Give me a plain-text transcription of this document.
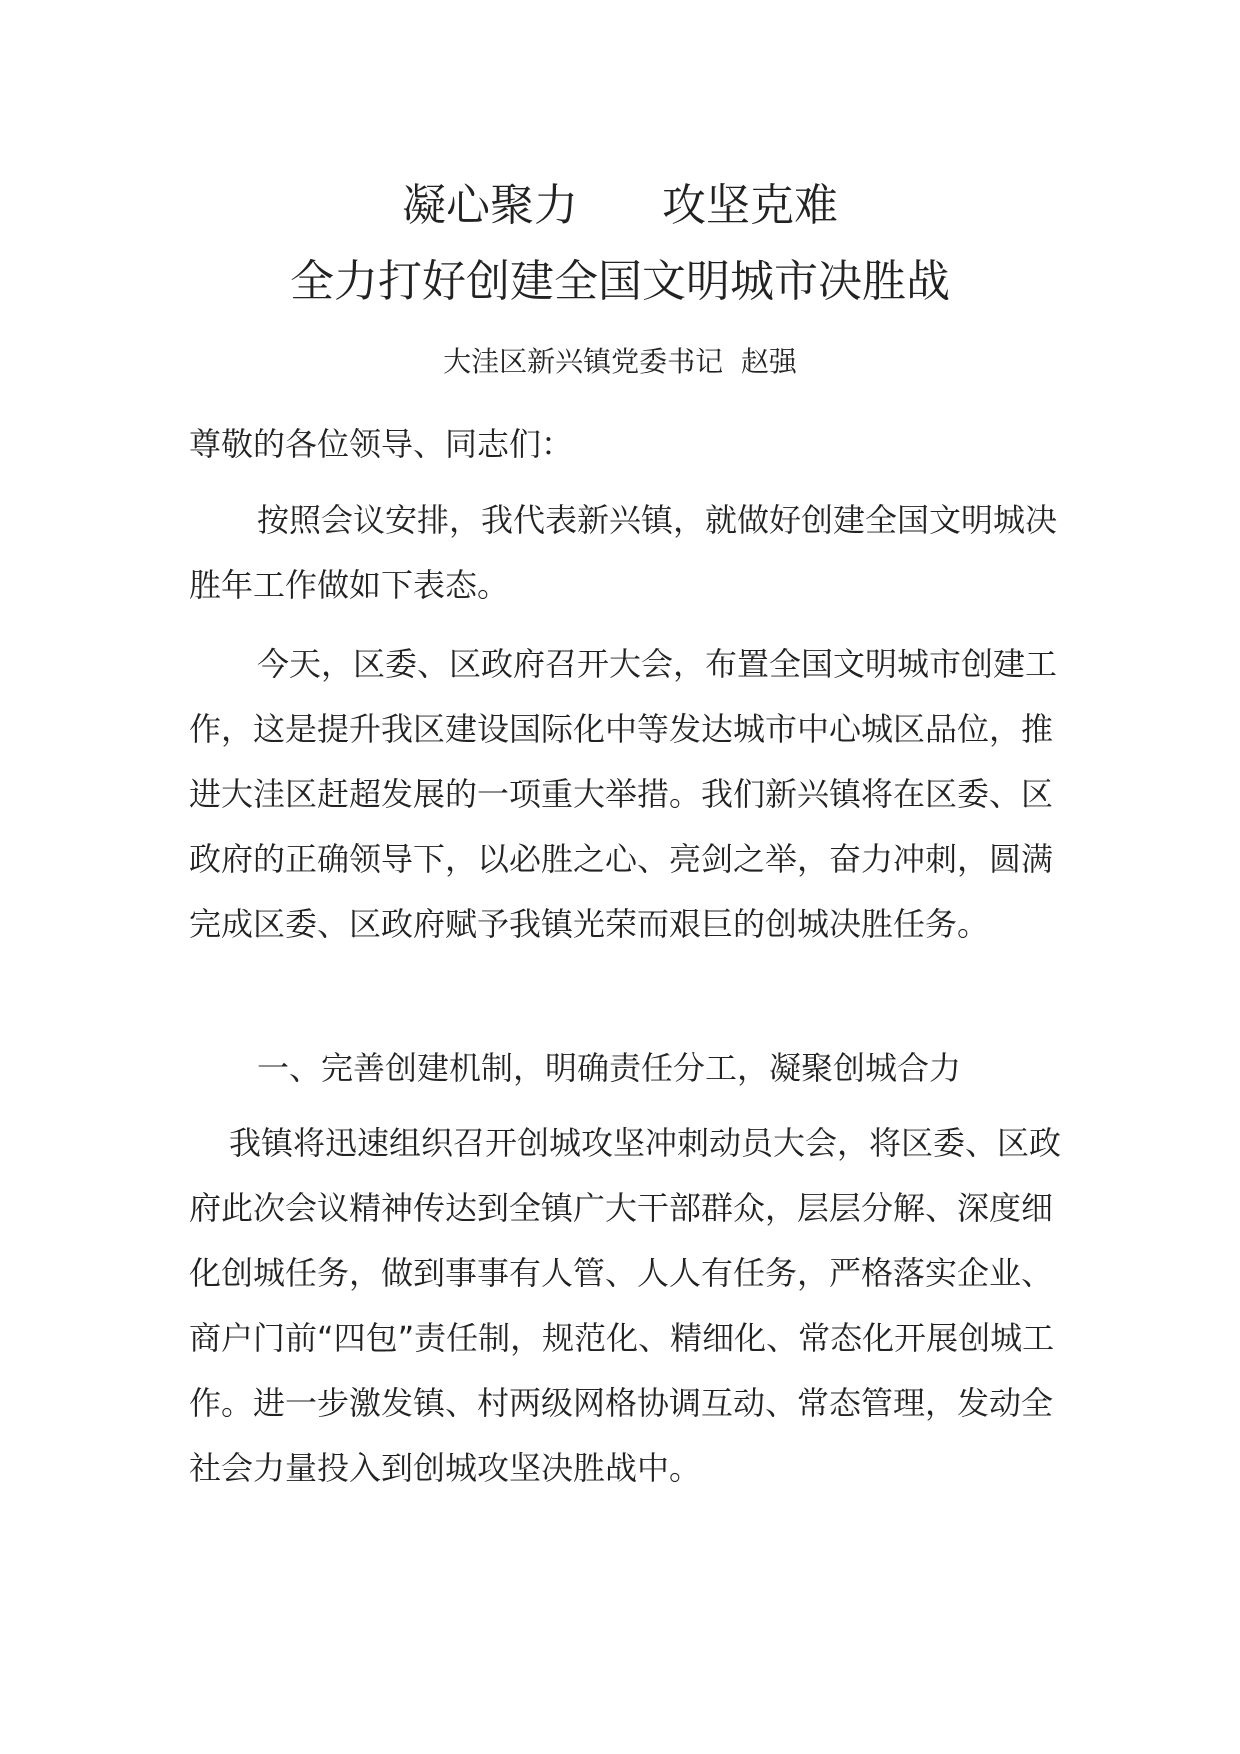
凝心聚力      攻坚克难
全力打好创建全国文明城市决胜战
大洼区新兴镇党委书记  赵强
尊敬的各位领导、同志们：
按照会议安排，我代表新兴镇，就做好创建全国文明城决胜年工作做如下表态。
今天，区委、区政府召开大会，布置全国文明城市创建工作，这是提升我区建设国际化中等发达城市中心城区品位，推进大洼区赶超发展的一项重大举措。我们新兴镇将在区委、区政府的正确领导下，以必胜之心、亮剑之举，奋力冲刺，圆满完成区委、区政府赋予我镇光荣而艰巨的创城决胜任务。
一、完善创建机制，明确责任分工，凝聚创城合力
我镇将迅速组织召开创城攻坚冲刺动员大会，将区委、区政府此次会议精神传达到全镇广大干部群众，层层分解、深度细化创城任务，做到事事有人管、人人有任务，严格落实企业、商户门前“四包”责任制，规范化、精细化、常态化开展创城工作。进一步激发镇、村两级网格协调互动、常态管理，发动全社会力量投入到创城攻坚决胜战中。
